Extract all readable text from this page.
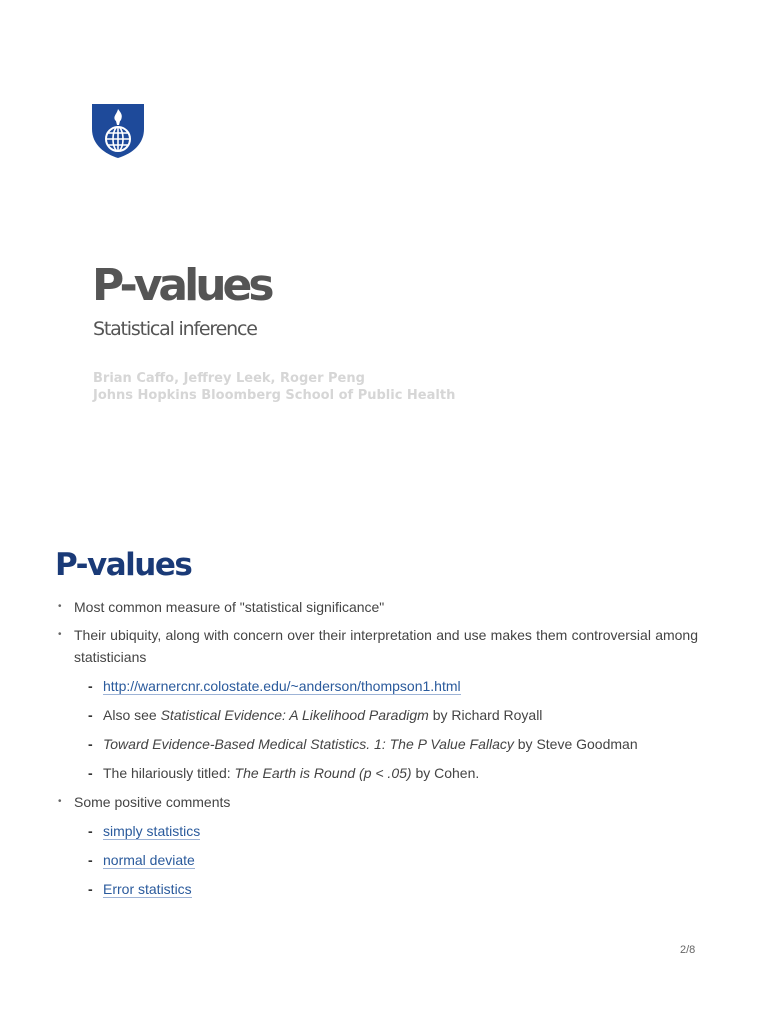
P-values
Statistical inference
Brian Caffo, Jeffrey Leek, Roger Peng
Johns Hopkins Bloomberg School of Public Health
P-values
• Most common measure of "statistical significance"
• Their ubiquity, along with concern over their interpretation and use makes them controversial among statisticians
- http://warnercnr.colostate.edu/~anderson/thompson1.html
- Also see Statistical Evidence: A Likelihood Paradigm by Richard Royall
- Toward Evidence-Based Medical Statistics. 1: The P Value Fallacy by Steve Goodman
- The hilariously titled: The Earth is Round (p < .05) by Cohen.
• Some positive comments
- simply statistics
- normal deviate
- Error statistics
2/8
